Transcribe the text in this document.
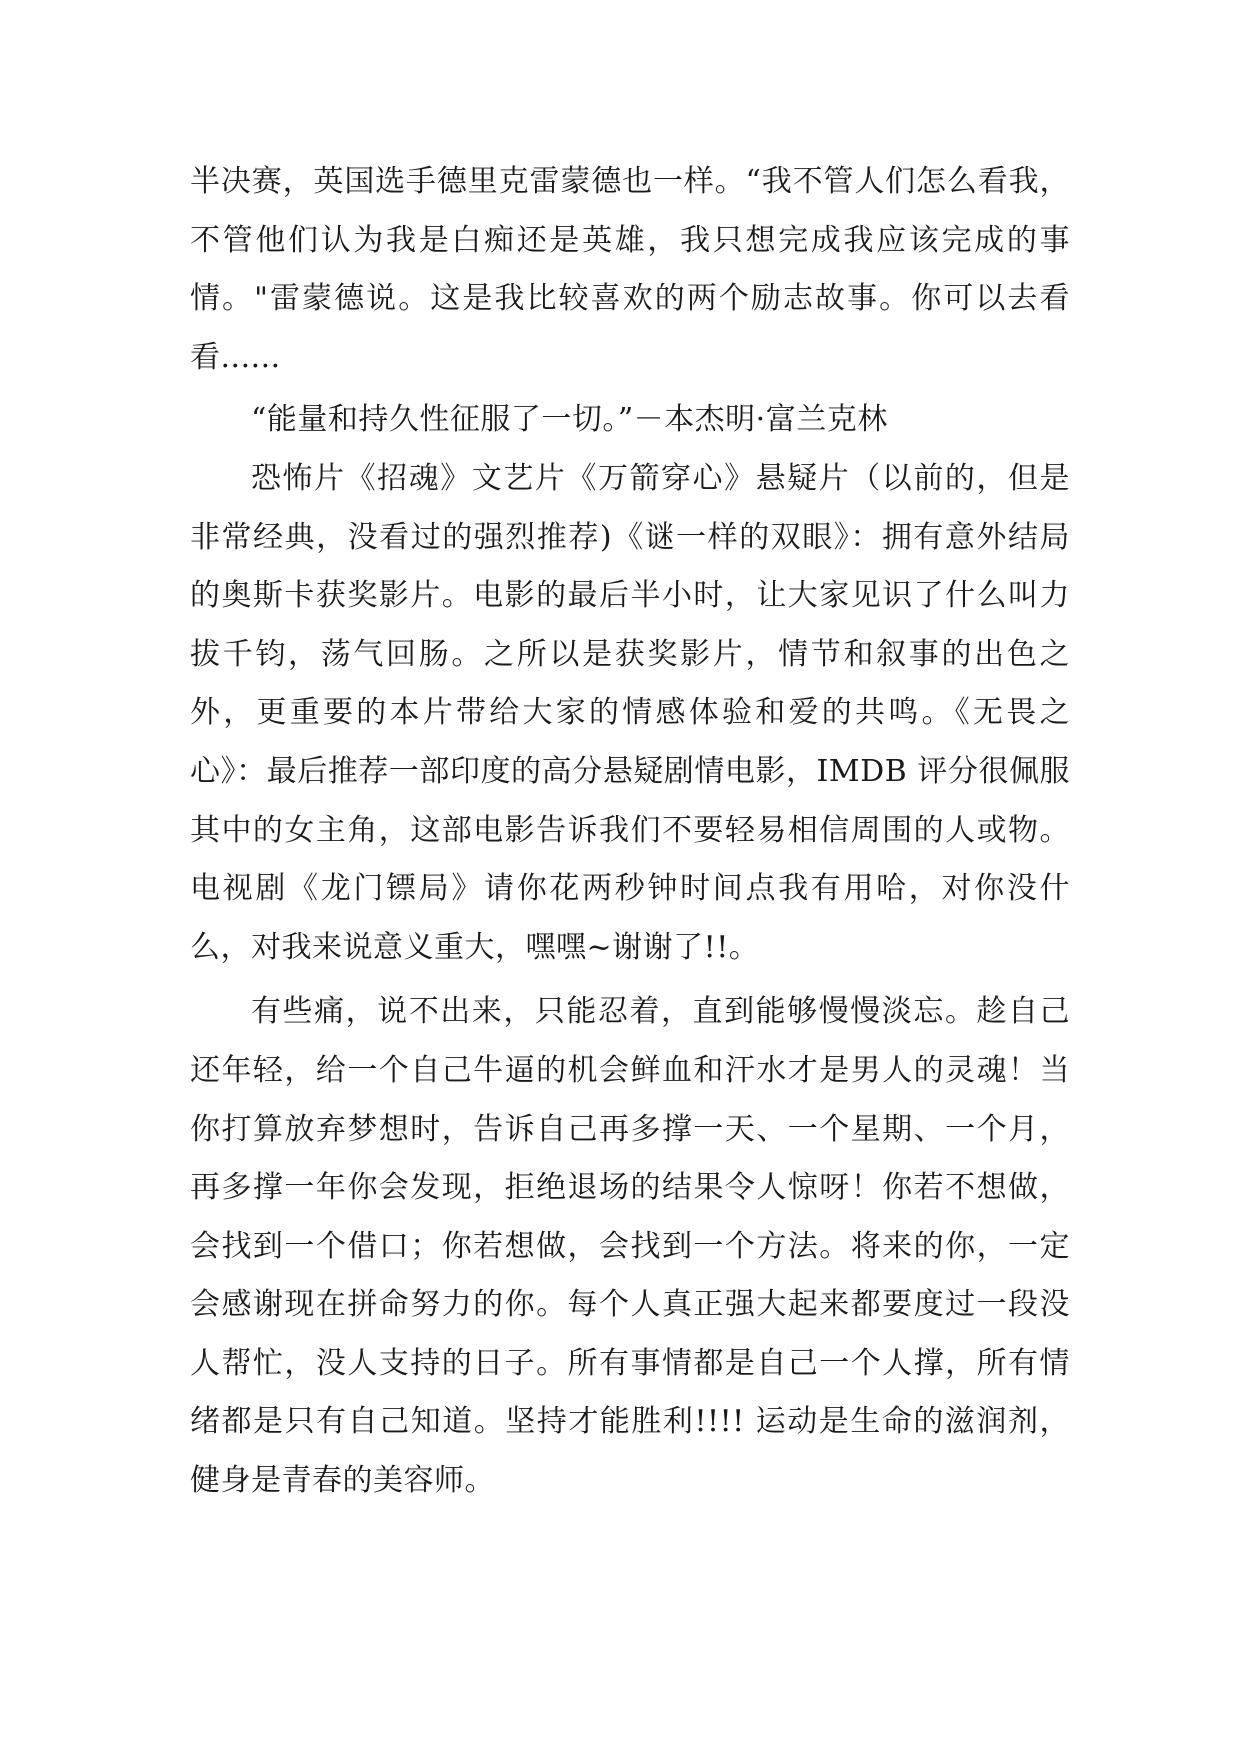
半决赛，英国选手德里克雷蒙德也一样。“我不管人们怎么看我，不管他们认为我是白痴还是英雄，我只想完成我应该完成的事情。"雷蒙德说。这是我比较喜欢的两个励志故事。你可以去看看......

“能量和持久性征服了一切。”－本杰明·富兰克林

恐怖片《招魂》文艺片《万箭穿心》悬疑片（以前的，但是非常经典，没看过的强烈推荐)《谜一样的双眼》：拥有意外结局的奥斯卡获奖影片。电影的最后半小时，让大家见识了什么叫力拔千钧，荡气回肠。之所以是获奖影片，情节和叙事的出色之外，更重要的本片带给大家的情感体验和爱的共鸣。《无畏之心》：最后推荐一部印度的高分悬疑剧情电影，IMDB 评分很佩服其中的女主角，这部电影告诉我们不要轻易相信周围的人或物。电视剧《龙门镖局》请你花两秒钟时间点我有用哈，对你没什么，对我来说意义重大，嘿嘿~谢谢了!!。

有些痛，说不出来，只能忍着，直到能够慢慢淡忘。趁自己还年轻，给一个自己牛逼的机会鲜血和汗水才是男人的灵魂！当你打算放弃梦想时，告诉自己再多撑一天、一个星期、一个月，再多撑一年你会发现，拒绝退场的结果令人惊呀！你若不想做，会找到一个借口；你若想做，会找到一个方法。将来的你，一定会感谢现在拼命努力的你。每个人真正强大起来都要度过一段没人帮忙，没人支持的日子。所有事情都是自己一个人撑，所有情绪都是只有自己知道。坚持才能胜利!!!! 运动是生命的滋润剂，健身是青春的美容师。
